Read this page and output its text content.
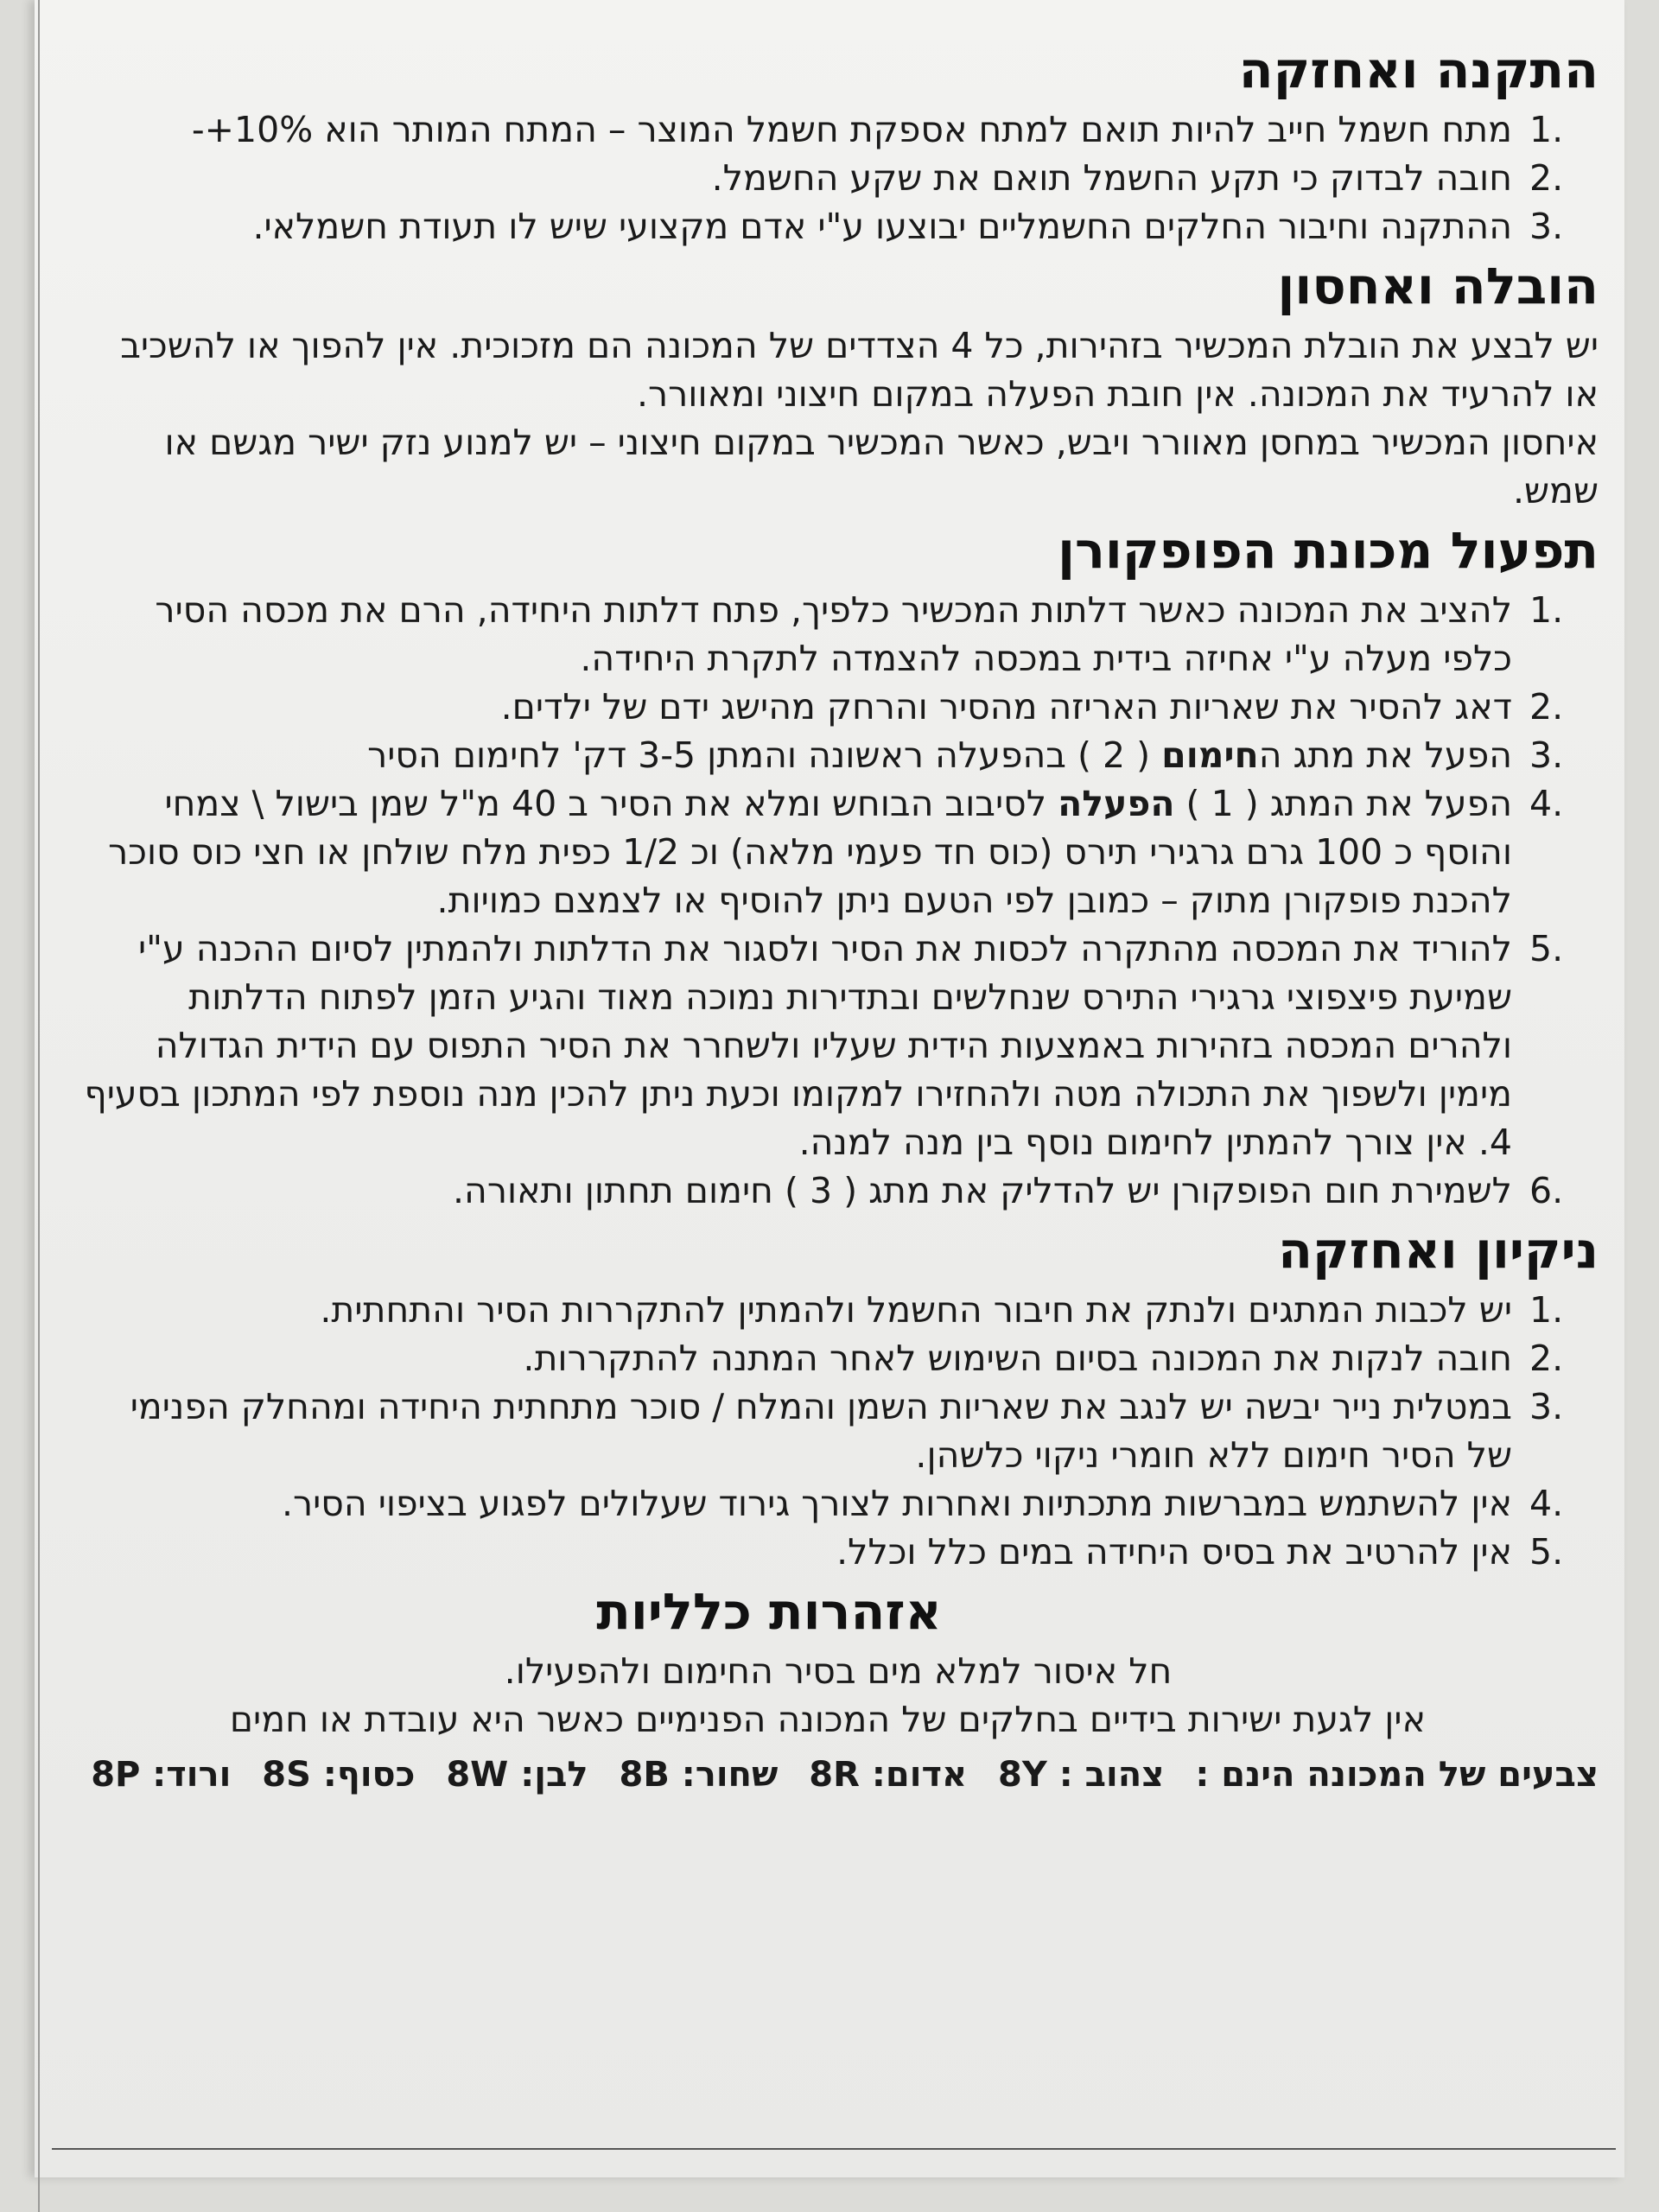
התקנה ואחזקה
1.
מתח חשמל חייב להיות תואם למתח אספקת חשמל המוצר – המתח המותר הוא ‎-+10%
2.
חובה לבדוק כי תקע החשמל תואם את שקע החשמל.
3.
ההתקנה וחיבור החלקים החשמליים יבוצעו ע"י אדם מקצועי שיש לו תעודת חשמלאי.
הובלה ואחסון

יש לבצע את הובלת המכשיר בזהירות, כל 4 הצדדים של המכונה הם מזכוכית. אין להפוך או להשכיב או להרעיד את המכונה. אין חובת הפעלה במקום חיצוני ומאוורר.

איחסון המכשיר במחסן מאוורר ויבש, כאשר המכשיר במקום חיצוני – יש למנוע נזק ישיר מגשם או שמש.

תפעול מכונת הפופקורן
1.
להציב את המכונה כאשר דלתות המכשיר כלפיך, פתח דלתות היחידה, הרם את מכסה הסיר כלפי מעלה ע"י אחיזה בידית במכסה להצמדה לתקרת היחידה.
2.
דאג להסיר את שאריות האריזה מהסיר והרחק מהישג ידם של ילדים.
3.
הפעל את מתג החימום ( 2 ) בהפעלה ראשונה והמתן 3-5 דק' לחימום הסיר
4.
הפעל את המתג ( 1 ) הפעלה לסיבוב הבוחש ומלא את הסיר ב 40 מ"ל שמן בישול \ צמחי והוסף כ 100 גרם גרגירי תירס (כוס חד פעמי מלאה) וכ 1/2 כפית מלח שולחן או חצי כוס סוכר להכנת פופקורן מתוק – כמובן לפי הטעם ניתן להוסיף או לצמצם כמויות.
5.
להוריד את המכסה מהתקרה לכסות את הסיר ולסגור את הדלתות ולהמתין לסיום ההכנה ע"י שמיעת פיצפוצי גרגירי התירס שנחלשים ובתדירות נמוכה מאוד והגיע הזמן לפתוח הדלתות ולהרים המכסה בזהירות באמצעות הידית שעליו ולשחרר את הסיר התפוס עם הידית הגדולה מימין ולשפוך את התכולה מטה ולהחזירו למקומו וכעת ניתן להכין מנה נוספת לפי המתכון בסעיף 4. אין צורך להמתין לחימום נוסף בין מנה למנה.
6.
לשמירת חום הפופקורן יש להדליק את מתג ( 3 ) חימום תחתון ותאורה.
ניקיון ואחזקה
1.
יש לכבות המתגים ולנתק את חיבור החשמל ולהמתין להתקררות הסיר והתחתית.
2.
חובה לנקות את המכונה בסיום השימוש לאחר המתנה להתקררות.
3.
במטלית נייר יבשה יש לנגב את שאריות השמן והמלח / סוכר מתחתית היחידה ומהחלק הפנימי של הסיר חימום ללא חומרי ניקוי כלשהן.
4.
אין להשתמש במברשות מתכתיות ואחרות לצורך גירוד שעלולים לפגוע בציפוי הסיר.
5.
אין להרטיב את בסיס היחידה במים כלל וכלל.
אזהרות כלליות

חל איסור למלא מים בסיר החימום ולהפעילו.

אין לגעת ישירות בידיים בחלקים של המכונה הפנימיים כאשר היא עובדת או חמים

צבעים של המכונה הינם : צהוב : 8Y אדום: 8R שחור: 8B לבן: 8W כסוף: 8S ורוד: 8P
